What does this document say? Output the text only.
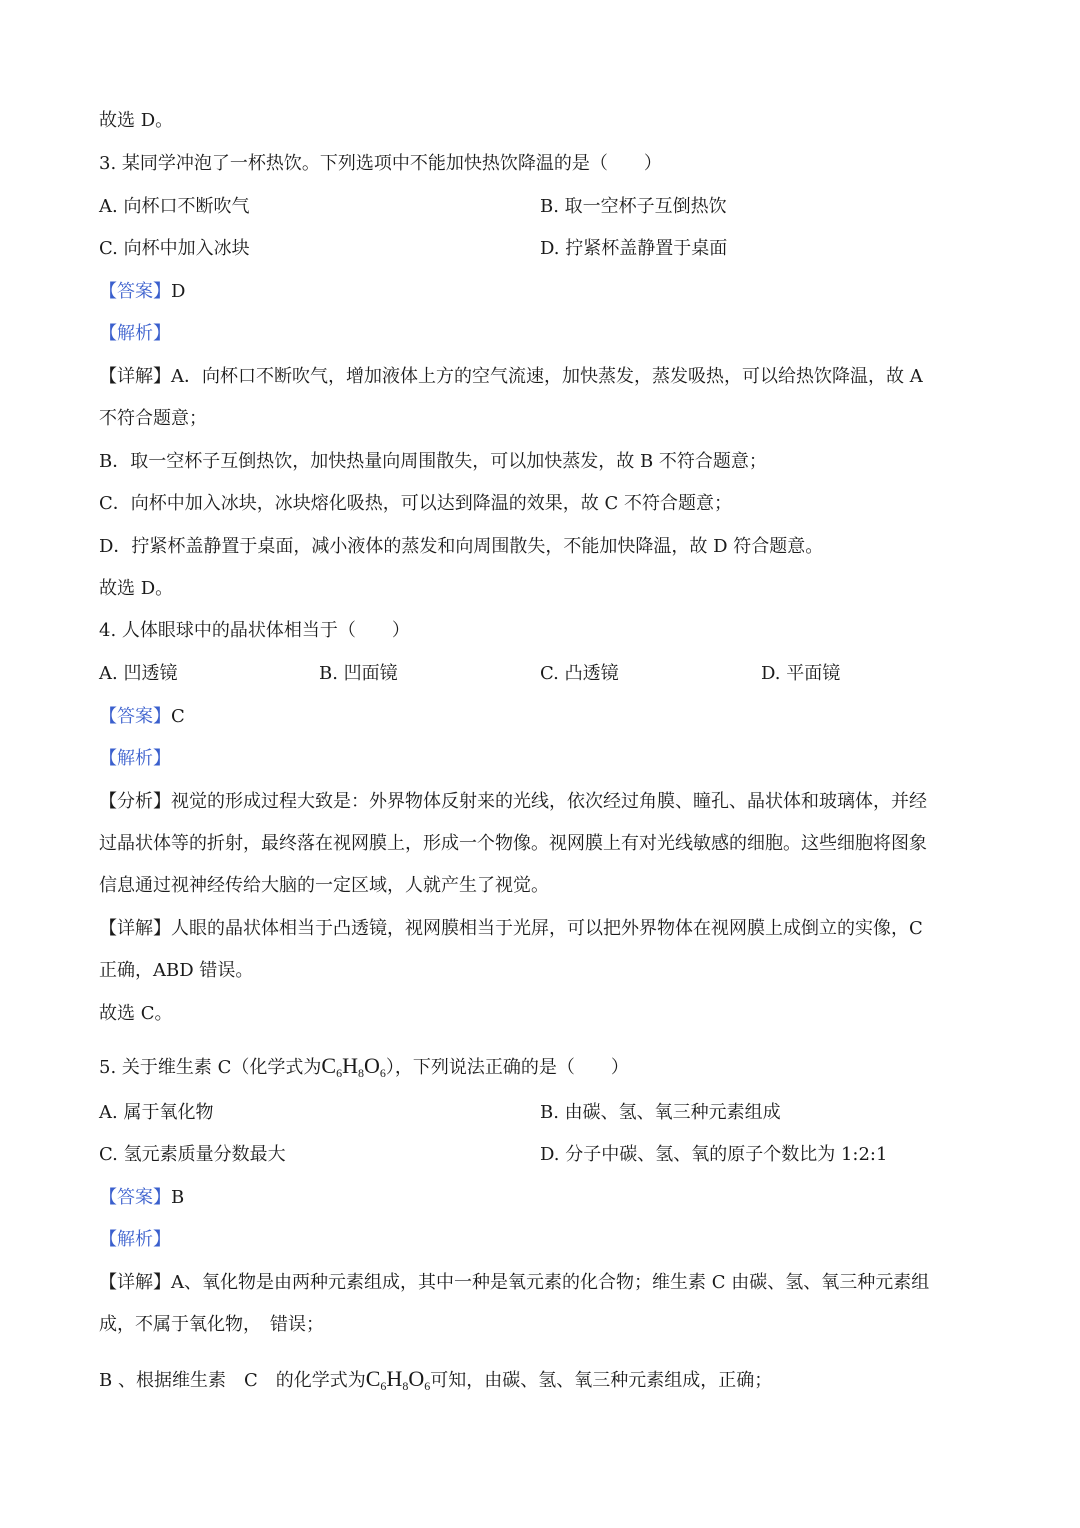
故选 D。
3. 某同学冲泡了一杯热饮。下列选项中不能加快热饮降温的是（　　）
A. 向杯口不断吹气	B. 取一空杯子互倒热饮
C. 向杯中加入冰块	D. 拧紧杯盖静置于桌面
【答案】D
【解析】
【详解】A．向杯口不断吹气，增加液体上方的空气流速，加快蒸发，蒸发吸热，可以给热饮降温，故 A
不符合题意；
B．取一空杯子互倒热饮，加快热量向周围散失，可以加快蒸发，故 B 不符合题意；
C．向杯中加入冰块，冰块熔化吸热，可以达到降温的效果，故 C 不符合题意；
D．拧紧杯盖静置于桌面，减小液体的蒸发和向周围散失，不能加快降温，故 D 符合题意。
故选 D。
4. 人体眼球中的晶状体相当于（　　）
A. 凹透镜	B. 凹面镜	C. 凸透镜	D. 平面镜
【答案】C
【解析】
【分析】视觉的形成过程大致是：外界物体反射来的光线，依次经过角膜、瞳孔、晶状体和玻璃体，并经
过晶状体等的折射，最终落在视网膜上，形成一个物像。视网膜上有对光线敏感的细胞。这些细胞将图象
信息通过视神经传给大脑的一定区域，人就产生了视觉。
【详解】人眼的晶状体相当于凸透镜，视网膜相当于光屏，可以把外界物体在视网膜上成倒立的实像，C
正确，ABD 错误。
故选 C。
5. 关于维生素 C（化学式为$C_6H_8O_6$），下列说法正确的是（　　）
A. 属于氧化物	B. 由碳、氢、氧三种元素组成
C. 氢元素质量分数最大	D. 分子中碳、氢、氧的原子个数比为 1:2:1
【答案】B
【解析】
【详解】A、氧化物是由两种元素组成，其中一种是氧元素的化合物；维生素 C 由碳、氢、氧三种元素组
成，不属于氧化物，　错误；
B 、根据维生素　C　的化学式为$C_6H_8O_6$可知，由碳、氢、氧三种元素组成，正确；
